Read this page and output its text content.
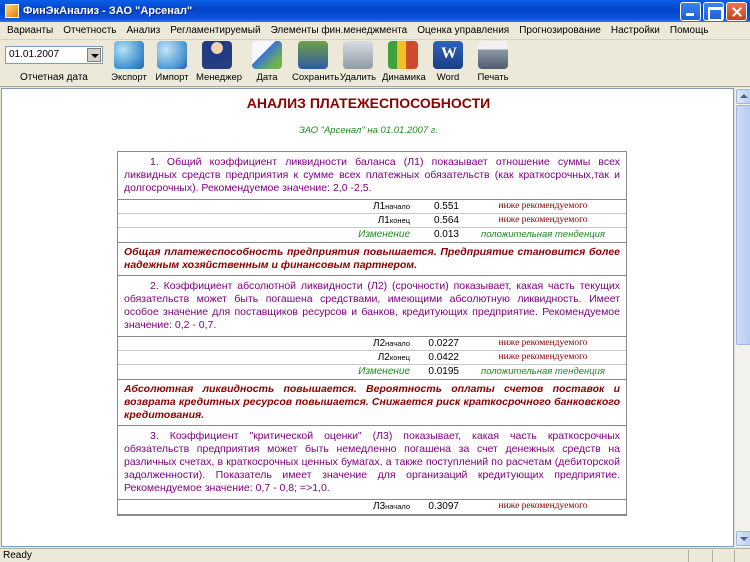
ФинЭкАнализ - ЗАО "Арсенал"
Варианты	Отчетность	Анализ	Регламентируемый	Элементы фин.менеджмента	Оценка управления	Прогнозирование	Настройки	Помощь
01.01.2007
Отчетная дата	Экспорт Импорт Менеджер	Дата	Сохранить Удалить Динамика
W	Word	Печать
АНАЛИЗ ПЛАТЕЖЕСПОСОБНОСТИ
ЗАО "Арсенал" на 01.01.2007 г.
1. Общий коэффициент ликвидности баланса (Л1) показывает отношение суммы всех ликвидных средств предприятия к сумме всех платежных обязательств (как краткосрочных,так и долгосрочных). Рекомендуемое значение: 2,0 -2,5.
Л1начало	0.551	ниже рекомендуемого
Л1конец	0.564	ниже рекомендуемого
Изменение	0.013	положительная тенденция
Общая платежеспособность предприятия повышается. Предприятие становится более надежным хозяйственным и финансовым партнером.
2. Коэффициент абсолютной ликвидности (Л2) (срочности) показывает, какая часть текущих обязательств может быть погашена средствами, имеющими абсолютную ликвидность. Имеет особое значение для поставщиков ресурсов и банков, кредитующих предприятие. Рекомендуемое значение: 0,2 - 0,7.
Л2начало	0.0227	ниже рекомендуемого
Л2конец	0.0422	ниже рекомендуемого
Изменение	0.0195	положительная тенденция
Абсолютная ликвидность повышается. Вероятность оплаты счетов поставок и возврата кредитных ресурсов повышается. Снижается риск краткосрочного банковского кредитования.
3. Коэффициент "критической оценки" (Л3) показывает, какая часть краткосрочных обязательств предприятия может быть немедленно погашена за счет денежных средств на различных счетах, в краткосрочных ценных бумагах, а также поступлений по расчетам (дебиторской задолженности). Показатель имеет значение для организаций кредитующих предприятие. Рекомендуемое значение: 0,7 - 0,8; =>1,0.
Л3начало	0.3097	ниже рекомендуемого
Ready
